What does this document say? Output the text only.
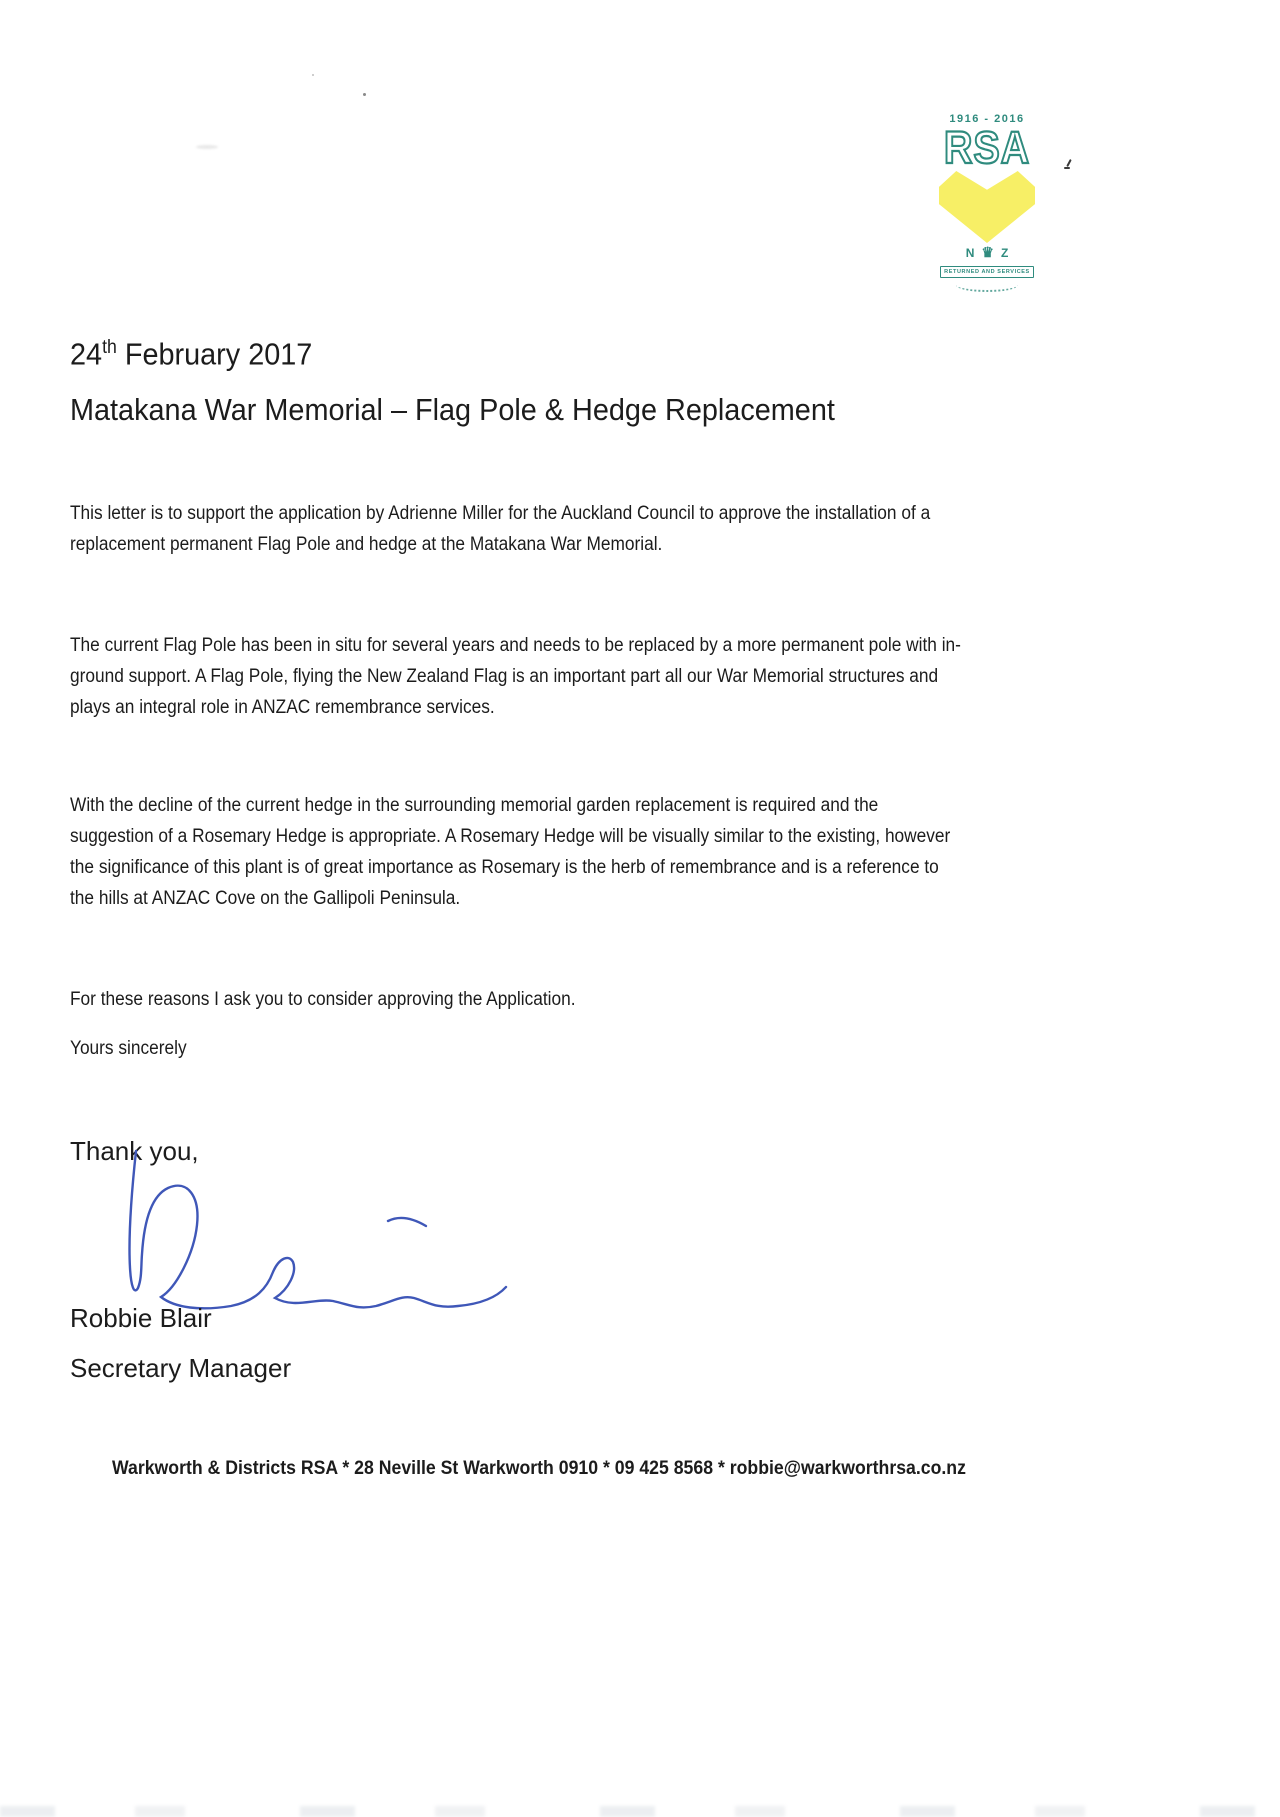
1916 - 2016
RSA
N ♛ Z
RETURNED AND SERVICES
24th February 2017
Matakana War Memorial – Flag Pole & Hedge Replacement
This letter is to support the application by Adrienne Miller for the Auckland Council to approve the installation of a
replacement permanent Flag Pole and hedge at the Matakana War Memorial.
The current Flag Pole has been in situ for several years and needs to be replaced by a more permanent pole with in-
ground support. A Flag Pole, flying the New Zealand Flag is an important part all our War Memorial structures and
plays an integral role in ANZAC remembrance services.
With the decline of the current hedge in the surrounding memorial garden replacement is required and the
suggestion of a Rosemary Hedge is appropriate. A Rosemary Hedge will be visually similar to the existing, however
the significance of this plant is of great importance as Rosemary is the herb of remembrance and is a reference to
the hills at ANZAC Cove on the Gallipoli Peninsula.
For these reasons I ask you to consider approving the Application.
Yours sincerely
Thank you,
Robbie Blair
Secretary Manager
Warkworth & Districts RSA * 28 Neville St Warkworth 0910 * 09 425 8568 * robbie@warkworthrsa.co.nz
